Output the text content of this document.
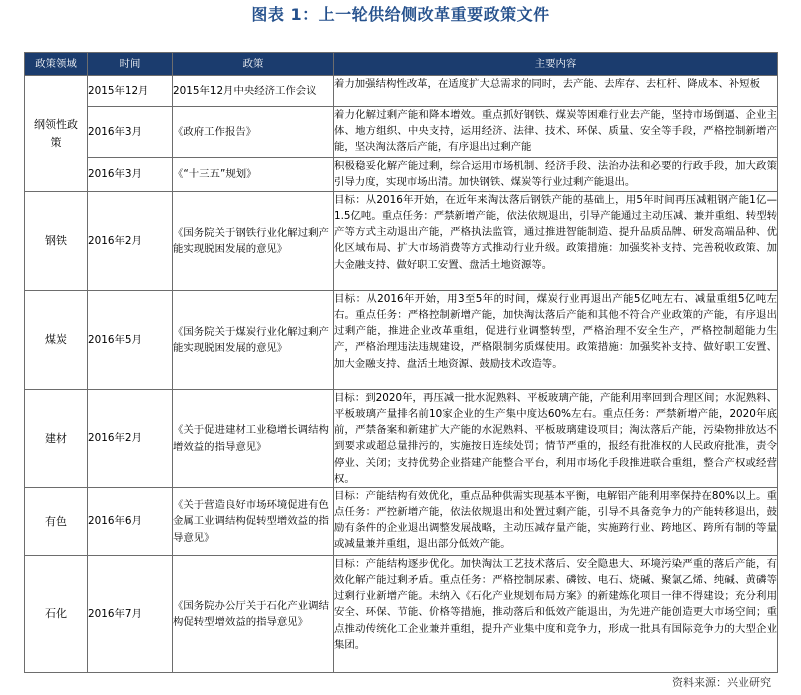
图表 1：上一轮供给侧改革重要政策文件
政策领域	时间	政策	主要内容
纲领性政策	2015年12月	2015年12月中央经济工作会议	着力加强结构性改革，在适度扩大总需求的同时，去产能、去库存、去杠杆、降成本、补短板
	2016年3月	《政府工作报告》	着力化解过剩产能和降本增效。重点抓好钢铁、煤炭等困难行业去产能，坚持市场倒逼、企业主体、地方组织、中央支持，运用经济、法律、技术、环保、质量、安全等手段，严格控制新增产能，坚决淘汰落后产能，有序退出过剩产能
	2016年3月	《“十三五”规划》	积极稳妥化解产能过剩，综合运用市场机制、经济手段、法治办法和必要的行政手段，加大政策引导力度，实现市场出清。加快钢铁、煤炭等行业过剩产能退出。
钢铁	2016年2月	《国务院关于钢铁行业化解过剩产能实现脱困发展的意见》	目标：从2016年开始，在近年来淘汰落后钢铁产能的基础上，用5年时间再压减粗钢产能1亿—1.5亿吨。重点任务：严禁新增产能，依法依规退出，引导产能通过主动压减、兼并重组、转型转产等方式主动退出产能，严格执法监管，通过推进智能制造、提升品质品牌、研发高端品种、优化区域布局、扩大市场消费等方式推动行业升级。政策措施：加强奖补支持、完善税收政策、加大金融支持、做好职工安置、盘活土地资源等。
煤炭	2016年5月	《国务院关于煤炭行业化解过剩产能实现脱困发展的意见》	目标：从2016年开始，用3至5年的时间，煤炭行业再退出产能5亿吨左右、减量重组5亿吨左右。重点任务：严格控制新增产能，加快淘汰落后产能和其他不符合产业政策的产能，有序退出过剩产能，推进企业改革重组，促进行业调整转型，严格治理不安全生产，严格控制超能力生产，严格治理违法违规建设，严格限制劣质煤使用。政策措施：加强奖补支持、做好职工安置、加大金融支持、盘活土地资源、鼓励技术改造等。
建材	2016年2月	《关于促进建材工业稳增长调结构增效益的指导意见》	目标：到2020年，再压减一批水泥熟料、平板玻璃产能，产能利用率回到合理区间；水泥熟料、平板玻璃产量排名前10家企业的生产集中度达60%左右。重点任务：严禁新增产能，2020年底前，严禁备案和新建扩大产能的水泥熟料、平板玻璃建设项目；淘汰落后产能，污染物排放达不到要求或超总量排污的，实施按日连续处罚；情节严重的，报经有批准权的人民政府批准，责令停业、关闭；支持优势企业搭建产能整合平台，利用市场化手段推进联合重组，整合产权或经营权。
有色	2016年6月	《关于营造良好市场环境促进有色金属工业调结构促转型增效益的指导意见》	目标：产能结构有效优化，重点品种供需实现基本平衡，电解铝产能利用率保持在80%以上。重点任务：严控新增产能，依法依规退出和处置过剩产能，引导不具备竞争力的产能转移退出，鼓励有条件的企业退出调整发展战略，主动压减存量产能，实施跨行业、跨地区、跨所有制的等量或减量兼并重组，退出部分低效产能。
石化	2016年7月	《国务院办公厅关于石化产业调结构促转型增效益的指导意见》	目标：产能结构逐步优化。加快淘汰工艺技术落后、安全隐患大、环境污染严重的落后产能，有效化解产能过剩矛盾。重点任务：严格控制尿素、磷铵、电石、烧碱、聚氯乙烯、纯碱、黄磷等过剩行业新增产能。未纳入《石化产业规划布局方案》的新建炼化项目一律不得建设；充分利用安全、环保、节能、价格等措施，推动落后和低效产能退出，为先进产能创造更大市场空间；重点推动传统化工企业兼并重组，提升产业集中度和竞争力，形成一批具有国际竞争力的大型企业集团。
资料来源：兴业研究
